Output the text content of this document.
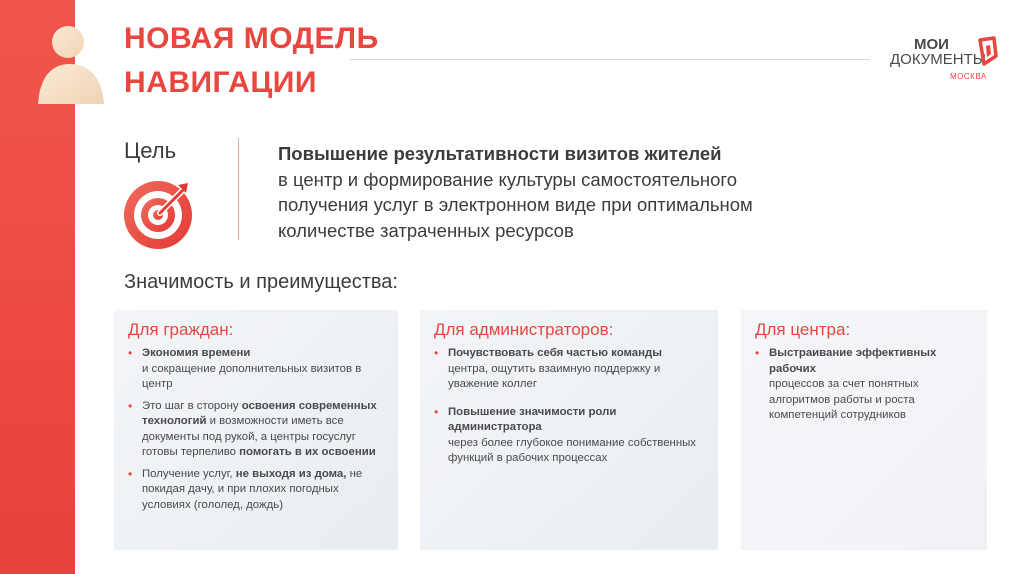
НОВАЯ МОДЕЛЬ
НАВИГАЦИИ
МОИ
ДОКУМЕНТЫ
МОСКВА
Цель	Повышение результативности визитов жителей
в центр и формирование культуры самостоятельного
получения услуг в электронном виде при оптимальном
количестве затраченных ресурсов
Значимость и преимущества:
Для граждан:
• Экономия времени
и сокращение дополнительных визитов в центр
• Это шаг в сторону освоения современных технологий и возможности иметь все документы под рукой, а центры госуслуг готовы терпеливо помогать в их освоении
• Получение услуг, не выходя из дома, не покидая дачу, и при плохих погодных условиях (гололед, дождь)
Для администраторов:
• Почувствовать себя частью команды
центра, ощутить взаимную поддержку и уважение коллег
• Повышение значимости роли администратора
через более глубокое понимание собственных функций в рабочих процессах
Для центра:
• Выстраивание эффективных рабочих
процессов за счет понятных алгоритмов работы и роста компетенций сотрудников
